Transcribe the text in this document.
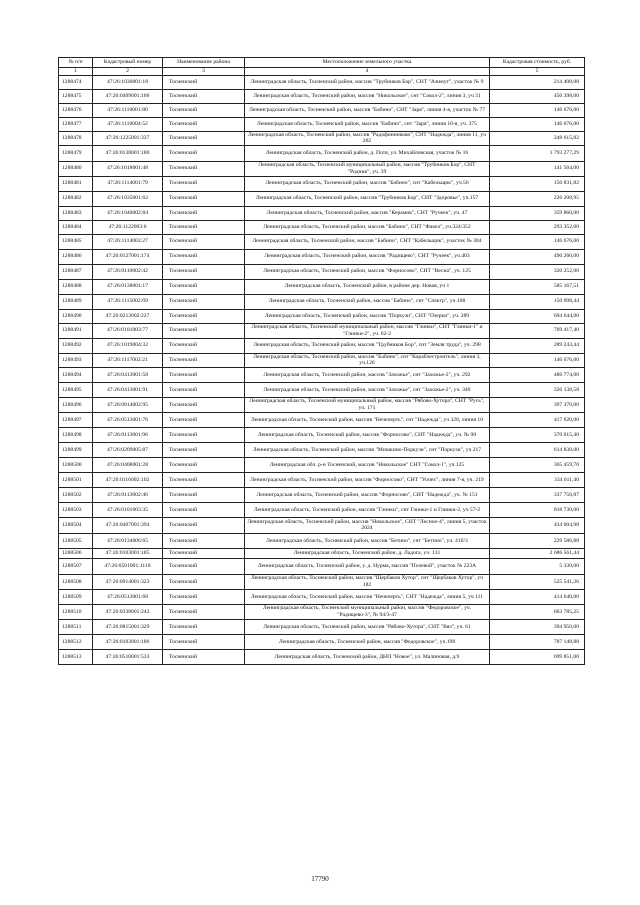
№ п/п	Кадастровый номер	Наименование района	Местоположение земельного участка	Кадастровая стоимость, руб.
1	2	3	4	5
1288474	47:26:1030001:18	Тосненский	Ленинградская область, Тосненский район, массив "Трубников Бор", СНТ "Азимут", участок № 9	214 408,08
1288475	47:26:0409001:106	Тосненский	Ленинградская область, Тосненский район, массив "Никольское", снт "Сокол-2", линия 3, уч 31	450 398,00
1288476	47:26:1110001:80	Тосненский	Ленинградская область, Тосненский район, массив "Бабино", СНТ "Заря", линия 4-я, участок № 77	146 676,00
1288477	47:26:1110004:52	Тосненский	Ленинградская область, Тосненский район, массив "Бабино", снт "Заря", линия 10-я, уч. 375	146 676,00
1288478	47:26:1225001:337	Тосненский	Ленинградская область, Тосненский район, массив "Радофинниково", СНТ "Надежда", линия 11, уч 202	248 615,82
1288479	47:26:0138001:180	Тосненский	Ленинградская область, Тосненский район, д. Потя, ул. Михайловская, участок № 16	1 793 277,29
1288480	47:26:1018001:48	Тосненский	Ленинградская область, Тосненский муниципальный район, массив "Трубников Бор", СНТ "Родник", уч. 39	141 564,00
1288481	47:26:1114001:79	Тосненский	Ленинградская область, Тосненский район, массив "Бабино", снт "Кабельщик", уч.56	150 831,82
1288482	47:26:1035001:62	Тосненский	Ленинградская область, Тосненский район, массив "Трубников Бор", СНТ "Здоровье", уч.157	226 208,95
1288483	47:26:1040002:84	Тосненский	Ленинградская область, Тосненский район, массив "Керамик", СНТ "Ручеек", уч. 47	359 860,00
1288484	47:26:1122003:6	Тосненский	Ленинградская область, Тосненский район, массив "Бабино", СНТ "Факел", уч.324/352	293 352,00
1288485	47:26:1114003:27	Тосненский	Ленинградская область, Тосненский район, массив "Бабино", СНТ "Кабельщик", участок № 304	146 676,00
1288486	47:26:0127001:174	Тосненский	Ленинградская область, Тосненский район, массив "Радищево", СНТ "Ручеек", уч.403	490 260,00
1288487	47:26:0110002:42	Тосненский	Ленинградская область, Тосненский район, массив "Форносово", СНТ "Весна", уч. 125	320 252,00
1288488	47:26:0138001:17	Тосненский	Ленинградская область, Тосненский район, в районе дер. Новая, уч 1	585 167,51
1288489	47:26:1115002:69	Тосненский	Ленинградская область, Тосненский район, массив "Бабино", снт "Спектр", уч.108	150 098,44
1288490	47:26:0213002:227	Тосненский	Ленинградская область, Тосненский район, массив "Поркузи", СНТ "Озерки", уч. 289	694 644,00
1288491	47:26:0101003:77	Тосненский	Ленинградская область, Тосненский муниципальный район, массив "Глинки", СНТ "Глинки-1" и "Глинки-2", уч. 62-2	769 417,40
1288492	47:26:1019004:32	Тосненский	Ленинградская область, Тосненский район, массив "Трубников Бор", снт "Земля труда", уч. 298	289 243,44
1288493	47:26:1117002:21	Тосненский	Ленинградская область, Тосненский район, массив "Бабино", снт "Кораблестроитель", линия 3, уч.126	146 676,00
1288494	47:26:0413001:58	Тосненский	Ленинградская область, Тосненский район, массив "Захожье", снт "Захожье-2", уч. 292	486 774,00
1288495	47:26:0413001:91	Тосненский	Ленинградская область, Тосненский район, массив "Захожье", снт "Захожье-2", уч. 340	326 138,58
1288496	47:26:0814002:95	Тосненский	Ленинградская область, Тосненский муниципальный район, массив "Рябово-Хутора", СНТ "Русь", уч. 171	397 370,00
1288497	47:26:0513001:76	Тосненский	Ленинградская область, Тосненский район, массив "Нечеперть", снт "Надежда", уч 328, линия 10	417 620,00
1288498	47:26:0113001:96	Тосненский	Ленинградская область, Тосненский район, массив "Форносово", СНТ "Надежда", уч. № 90	370 015,40
1288499	47:26:0209005:87	Тосненский	Ленинградская область, Тосненский район, массив "Мишкино-Поркузи", снт "Поркузи", уч 217	614 838,00
1288500	47:26:0408001:28	Тосненский	Ленинградская обл. р-н Тосненский, массив "Никольское" СНТ "Сокол-1", уч.125	365 459,70
1288501	47:26:0116002:102	Тосненский	Ленинградская область, Тосненский район, массив "Форносово", СНТ "Уопех", линия 7-я, уч. 219	334 611,40
1288502	47:26:0113002:46	Тосненский	Ленинградская область, Тосненский район, массив "Форносово", СНТ "Надежда", уч. № 151	337 756,87
1288503	47:26:0101003:35	Тосненский	Ленинградская область, Тосненский район, массив "Глинки", снт Глинки-1 и Глинки-2, уч 57-2	818 730,00
1288504	47:26:0407001:394	Тосненский	Ленинградская область, Тосненский район, массив "Никольское", СНТ "Лесное-4", линия 5, участок 2024	434 004,98
1288505	47:26:0134006:65	Тосненский	Ленинградская область, Тосненский район, массив "Бетино", снт "Бетино", уч. 41б/3	229 586,88
1288506	47:26:0103001:185	Тосненский	Ленинградская область, Тосненский район, д. Ладога, уч. 131	2 686 561,44
1288507	47:26:0501001:1118	Тосненский	Ленинградская область, Тосненский район, у. д. Нурма, массив "Полевой", участок № 223А	5 330,00
1288508	47:26:0914001:323	Тосненский	Ленинградская область, Тосненский район, массив "Щербаков Хутор", снт "Щербаков Хутор", уч 182	525 541,26
1288509	47:26:0513001:68	Тосненский	Ленинградская область, Тосненский район, массив "Нечеперть", СНТ "Надежда", линия 5, уч 111	414 640,00
1288510	47:26:0338001:243	Тосненский	Ленинградская область, Тосненский муниципальный район, массив "Федоровское", уч. "Радищево-3", № 94/3-47	663 785,25
1288511	47:26:0815001:329	Тосненский	Ленинградская область, Тосненский район, массив "Рябово-Хутора", СНТ "Вяз", уч. 61	394 950,00
1288512	47:26:0103001:186	Тосненский	Ленинградская область, Тосненский район, массив "Федоровское", уч.198	787 148,88
1288513	47:26:0510001:533	Тосненский	Ленинградская область, Тосненский район, ДНП "Новое", ул. Малиновая, д.9	699 851,00
17790
